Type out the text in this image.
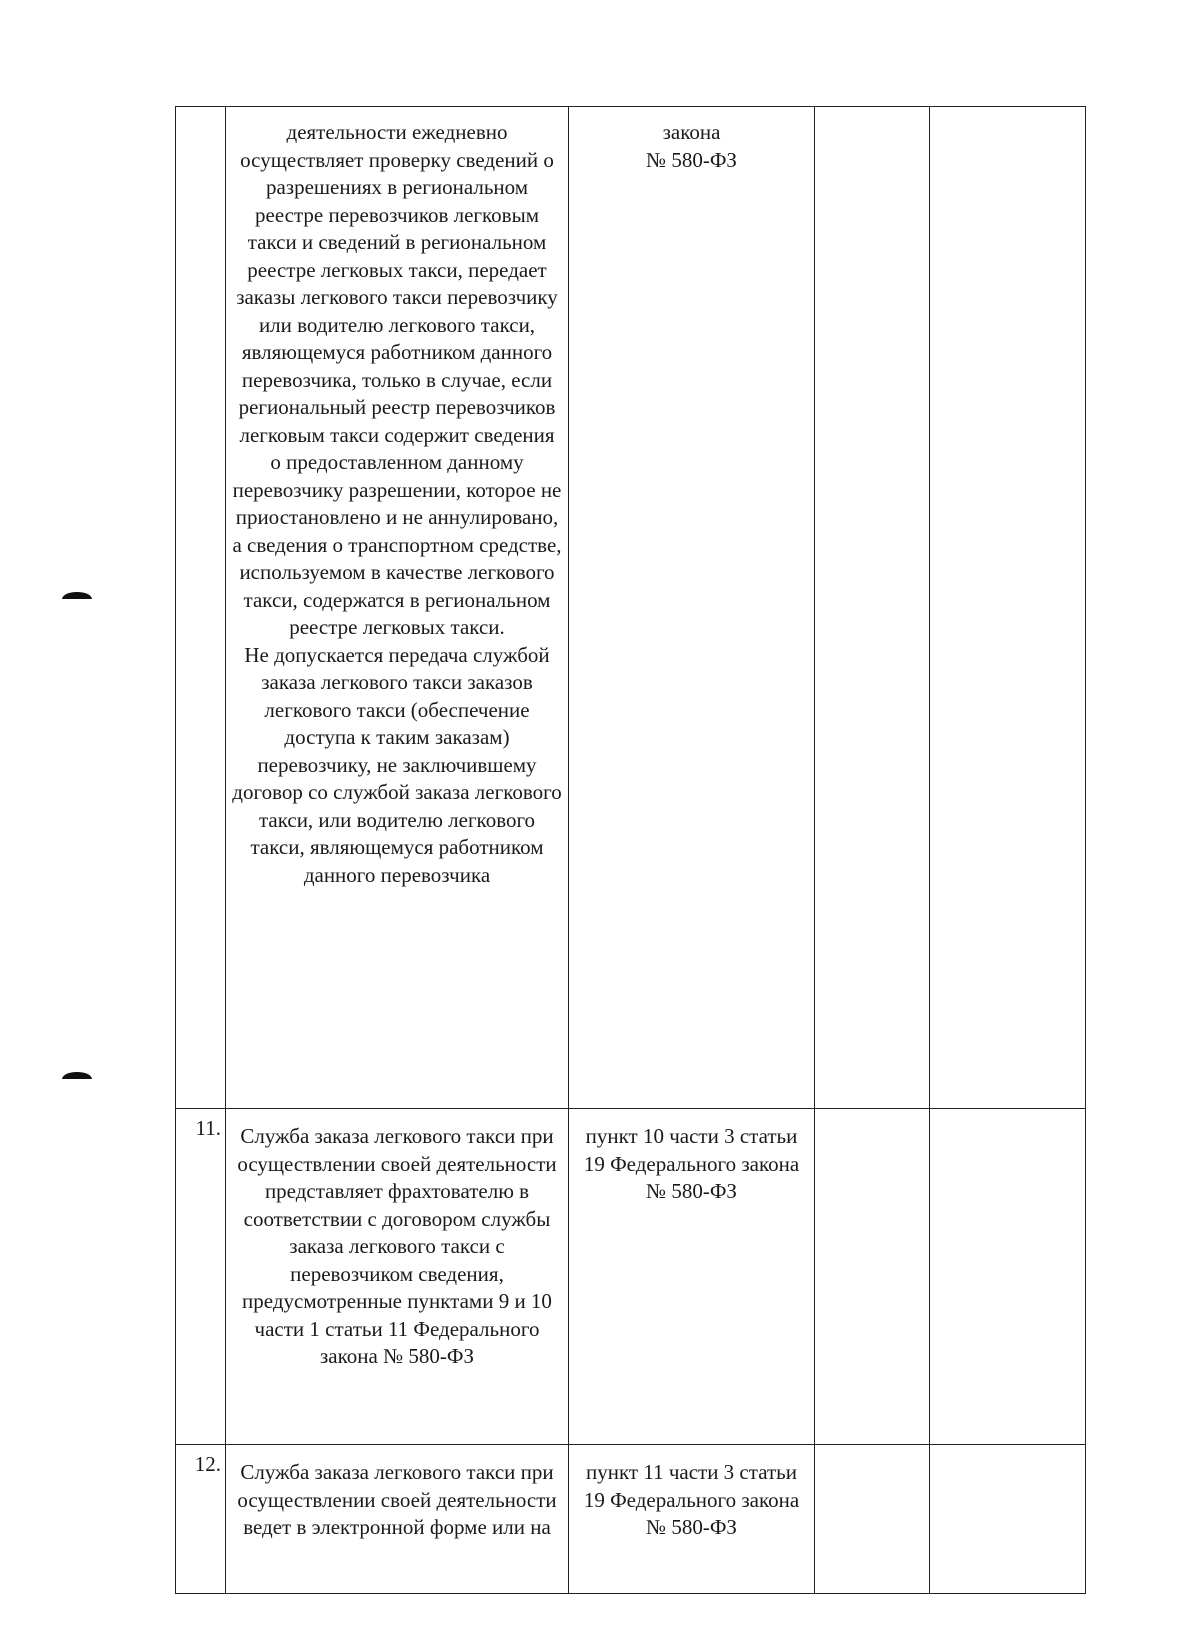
	деятельности ежедневно осуществляет проверку сведений о разрешениях в региональном реестре перевозчиков легковым такси и сведений в региональном реестре легковых такси, передает заказы легкового такси перевозчику или водителю легкового такси, являющемуся работником данного перевозчика, только в случае, если региональный реестр перевозчиков легковым такси содержит сведения о предоставленном данному перевозчику разрешении, которое не приостановлено и не аннулировано, а сведения о транспортном средстве, используемом в качестве легкового такси, содержатся в региональном реестре легковых такси.
Не допускается передача службой заказа легкового такси заказов легкового такси (обеспечение доступа к таким заказам) перевозчику, не заключившему договор со службой заказа легкового такси, или водителю легкового такси, являющемуся работником данного перевозчика	закона
№ 580-ФЗ		

11.	Служба заказа легкового такси при осуществлении своей деятельности представляет фрахтователю в соответствии с договором службы заказа легкового такси с перевозчиком сведения, предусмотренные пунктами 9 и 10 части 1 статьи 11 Федерального закона № 580-ФЗ	пункт 10 части 3 статьи 19 Федерального закона № 580-ФЗ		

12.	Служба заказа легкового такси при осуществлении своей деятельности ведет в электронной форме или на	пункт 11 части 3 статьи 19 Федерального закона № 580-ФЗ		
